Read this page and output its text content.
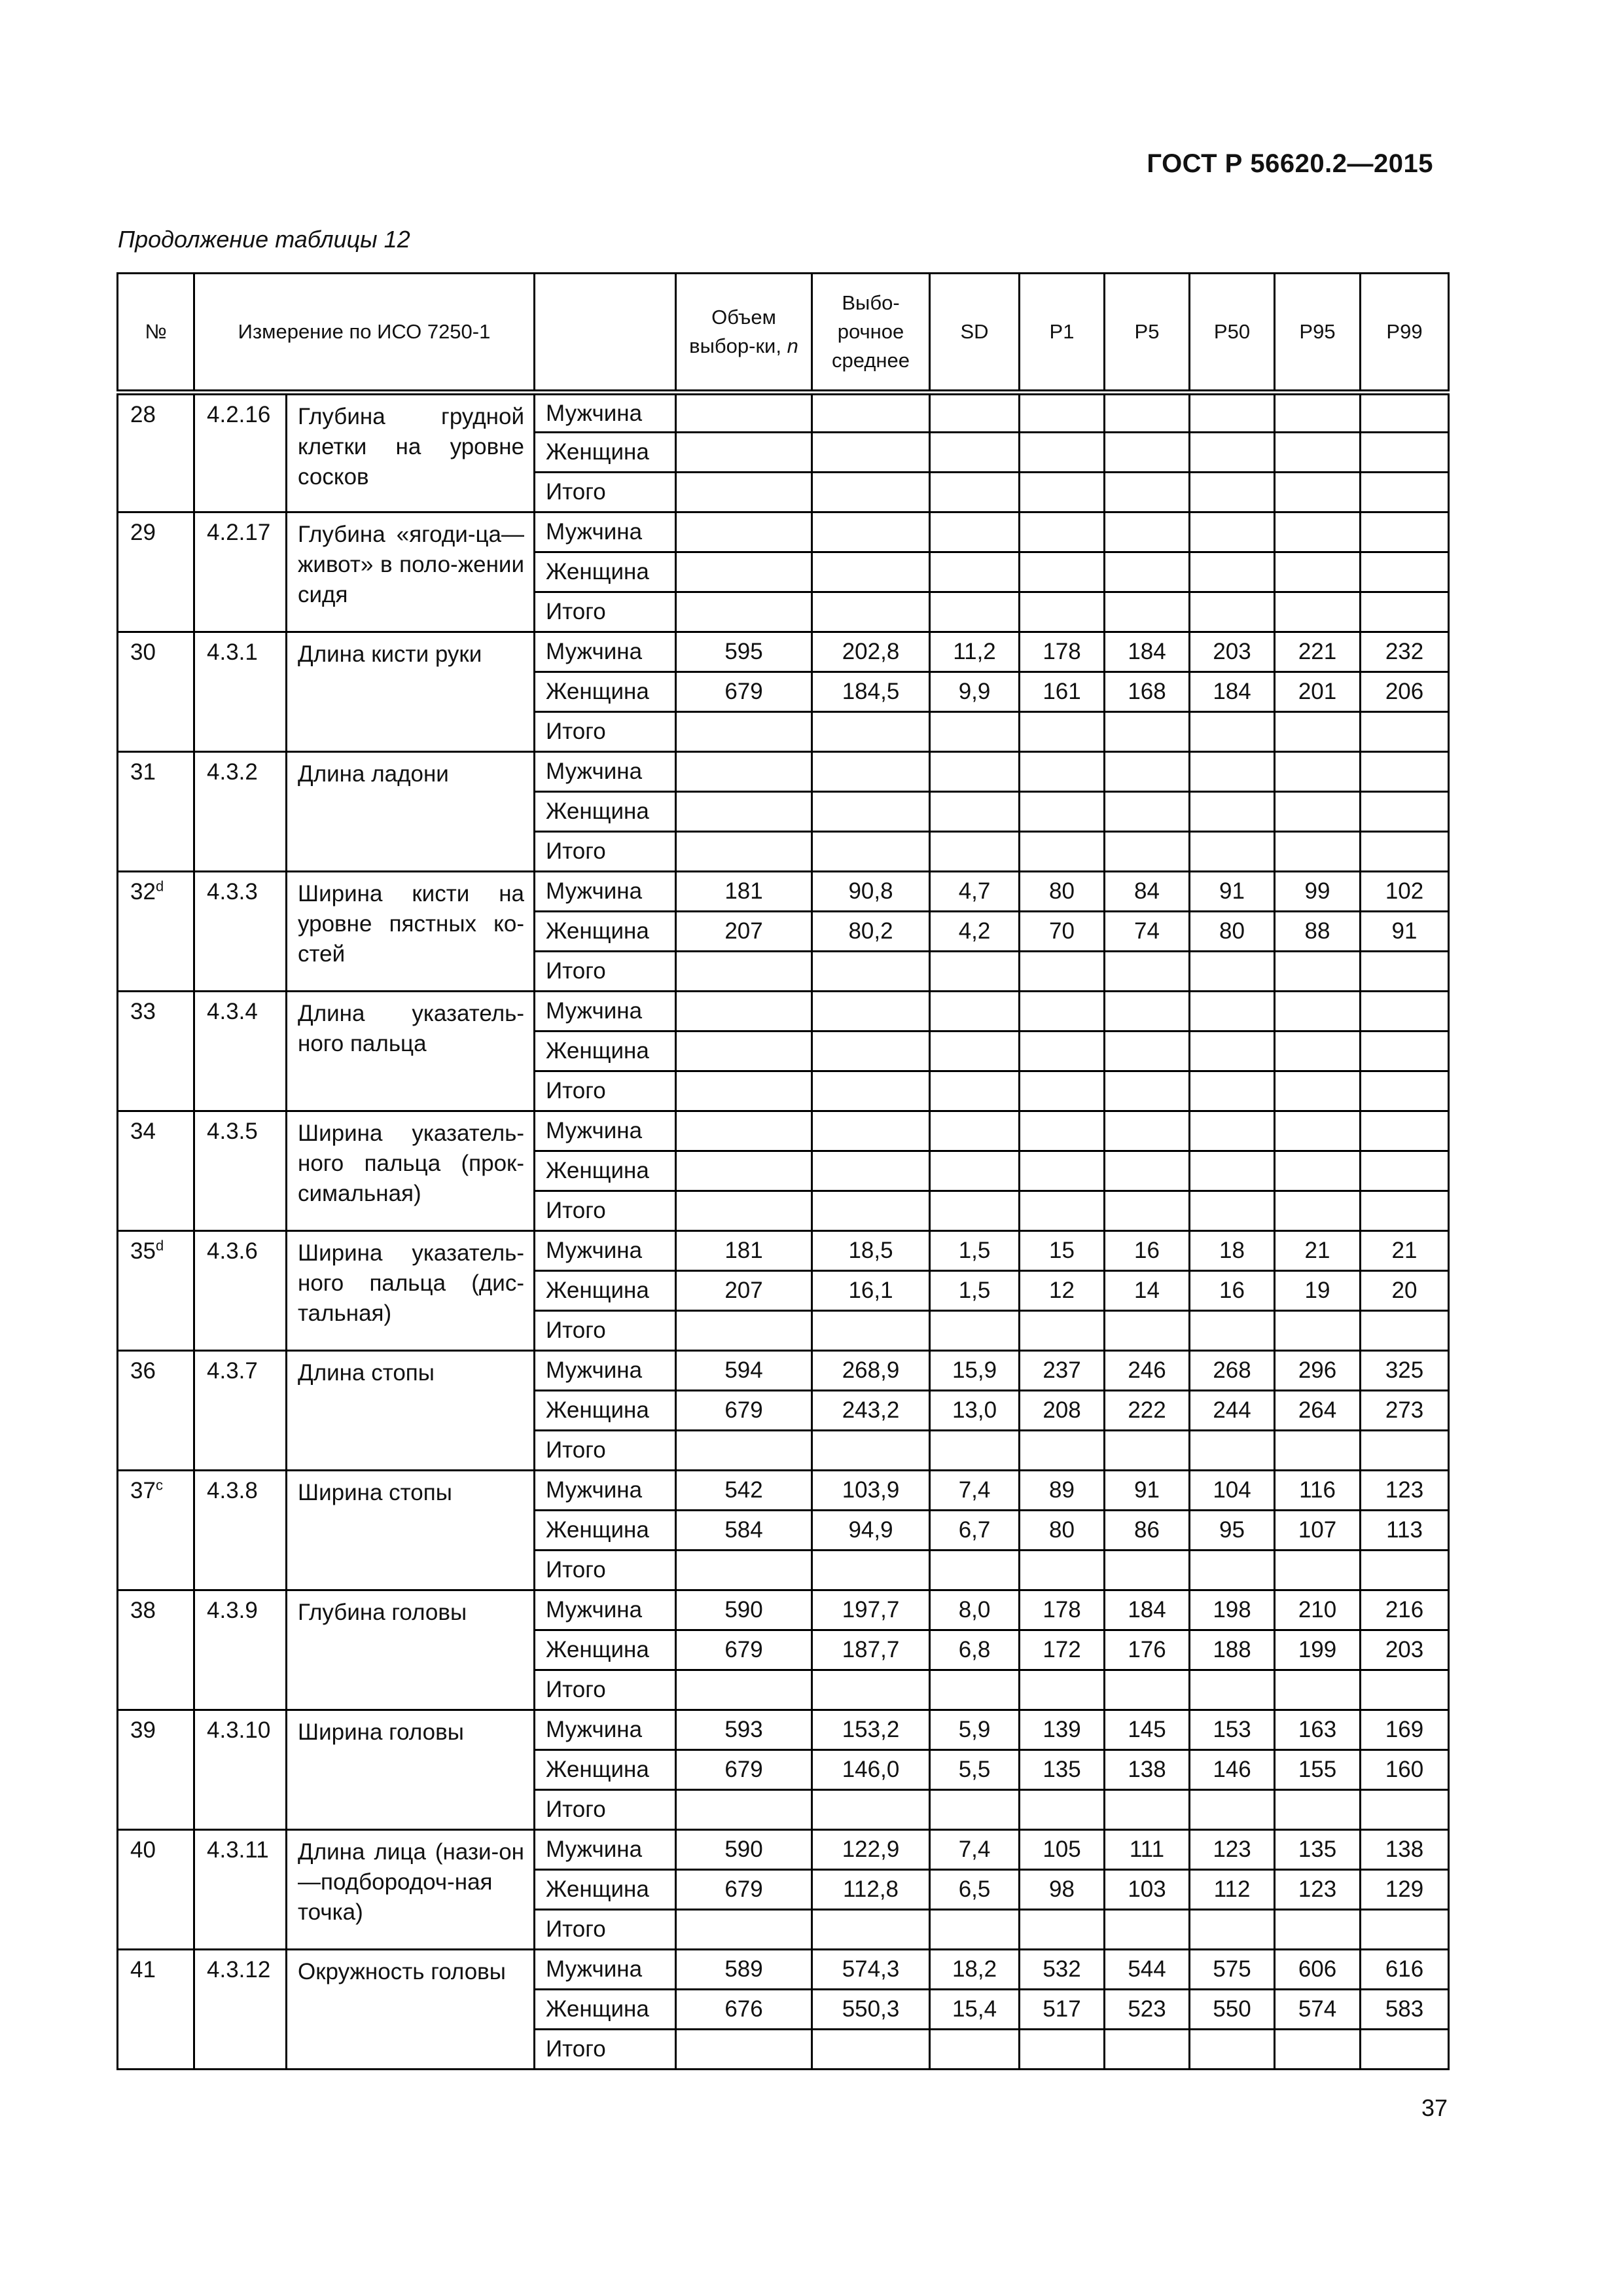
ГОСТ Р 56620.2—2015
Продолжение таблицы 12
№	Измерение по ИСО 7250-1			Объем выбор-ки, n	Выбо-рочное среднее	SD	P1	P5	P50	P95	P99
28	4.2.16	Глубина грудной клетки на уровне сосков	Мужчина								
			Женщина								
			Итого								
29	4.2.17	Глубина «ягоди-ца—живот» в поло-жении сидя	Мужчина								
			Женщина								
			Итого								
30	4.3.1	Длина кисти руки	Мужчина	595	202,8	11,2	178	184	203	221	232
			Женщина	679	184,5	9,9	161	168	184	201	206
			Итого								
31	4.3.2	Длина ладони	Мужчина								
			Женщина								
			Итого								
32$^d$	4.3.3	Ширина кисти на уровне пястных ко-стей	Мужчина	181	90,8	4,7	80	84	91	99	102
			Женщина	207	80,2	4,2	70	74	80	88	91
			Итого								
33	4.3.4	Длина указатель-ного пальца	Мужчина								
			Женщина								
			Итого								
34	4.3.5	Ширина указатель-ного пальца (прок-симальная)	Мужчина								
			Женщина								
			Итого								
35$^d$	4.3.6	Ширина указатель-ного пальца (дис-тальная)	Мужчина	181	18,5	1,5	15	16	18	21	21
			Женщина	207	16,1	1,5	12	14	16	19	20
			Итого								
36	4.3.7	Длина стопы	Мужчина	594	268,9	15,9	237	246	268	296	325
			Женщина	679	243,2	13,0	208	222	244	264	273
			Итого								
37$^c$	4.3.8	Ширина стопы	Мужчина	542	103,9	7,4	89	91	104	116	123
			Женщина	584	94,9	6,7	80	86	95	107	113
			Итого								
38	4.3.9	Глубина головы	Мужчина	590	197,7	8,0	178	184	198	210	216
			Женщина	679	187,7	6,8	172	176	188	199	203
			Итого								
39	4.3.10	Ширина головы	Мужчина	593	153,2	5,9	139	145	153	163	169
			Женщина	679	146,0	5,5	135	138	146	155	160
			Итого								
40	4.3.11	Длина лица (нази-он—подбородоч-ная точка)	Мужчина	590	122,9	7,4	105	111	123	135	138
			Женщина	679	112,8	6,5	98	103	112	123	129
			Итого								
41	4.3.12	Окружность головы	Мужчина	589	574,3	18,2	532	544	575	606	616
			Женщина	676	550,3	15,4	517	523	550	574	583
			Итого								
37
